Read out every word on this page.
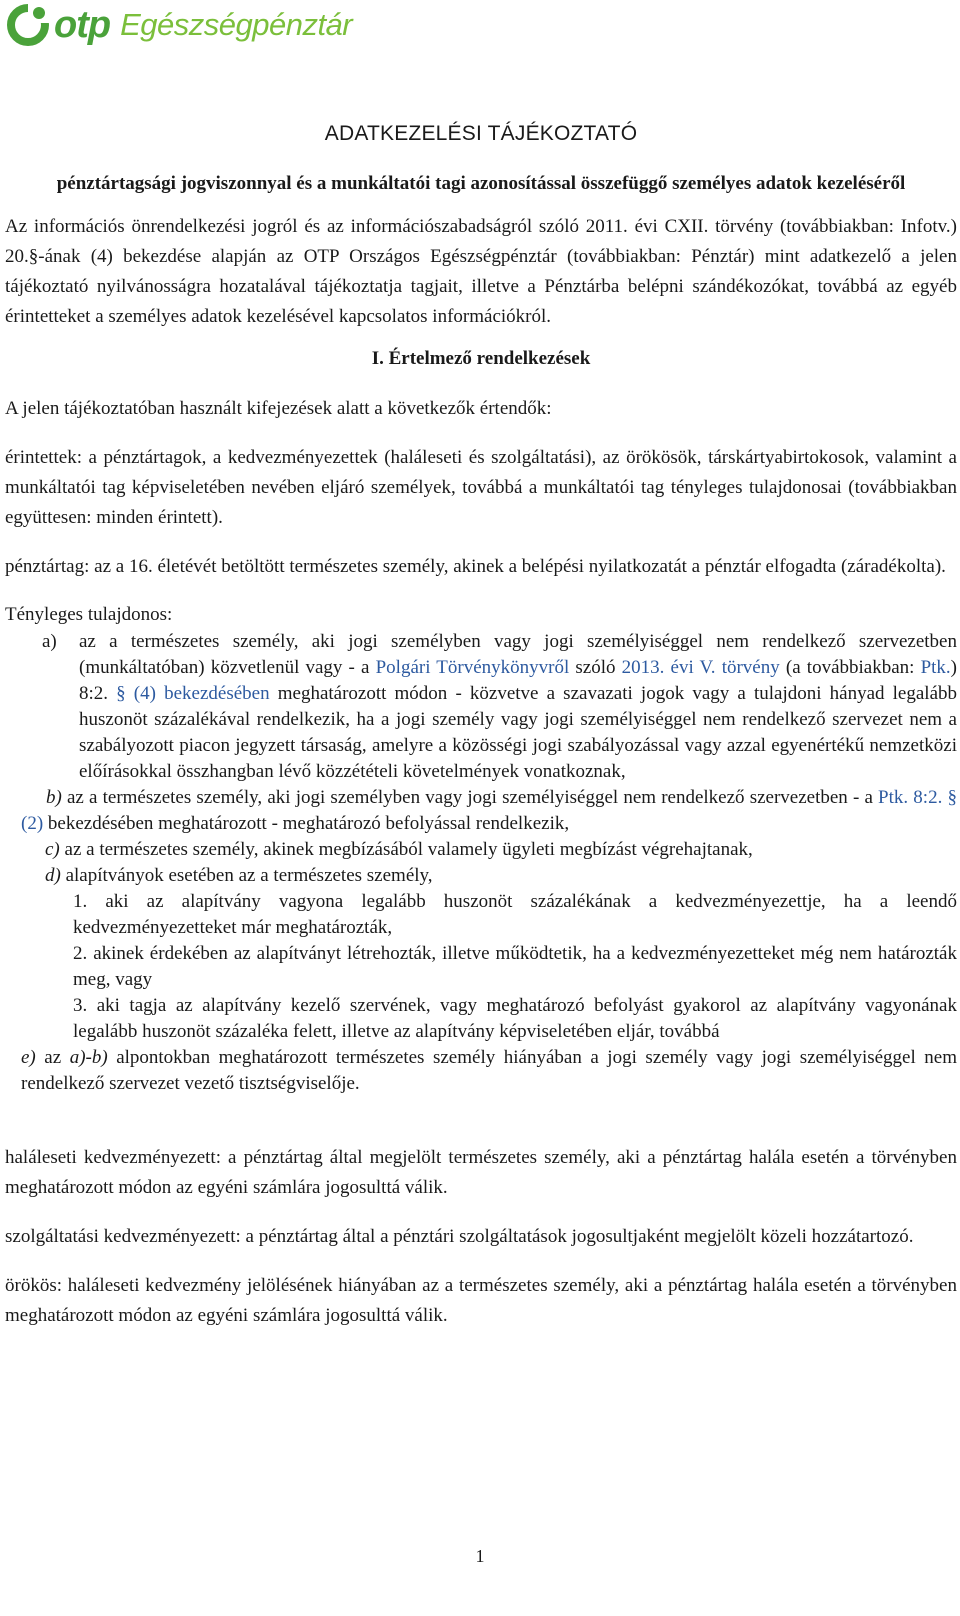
otp Egészségpénztár
ADATKEZELÉSI TÁJÉKOZTATÓ
pénztártagsági jogviszonnyal és a munkáltatói tagi azonosítással összefüggő személyes adatok kezeléséről

Az információs önrendelkezési jogról és az információszabadságról szóló 2011. évi CXII. törvény (továbbiakban: Infotv.) 20.§-ának (4) bekezdése alapján az OTP Országos Egészségpénztár (továbbiakban: Pénztár) mint adatkezelő a jelen tájékoztató nyilvánosságra hozatalával tájékoztatja tagjait, illetve a Pénztárba belépni szándékozókat, továbbá az egyéb érintetteket a személyes adatok kezelésével kapcsolatos információkról.

I. Értelmező rendelkezések

A jelen tájékoztatóban használt kifejezések alatt a következők értendők:

érintettek: a pénztártagok, a kedvezményezettek (haláleseti és szolgáltatási), az örökösök, társkártyabirtokosok, valamint a munkáltatói tag képviseletében nevében eljáró személyek, továbbá a munkáltatói tag tényleges tulajdonosai (továbbiakban együttesen: minden érintett).

pénztártag: az a 16. életévét betöltött természetes személy, akinek a belépési nyilatkozatát a pénztár elfogadta (záradékolta).

Tényleges tulajdonos:

a)	az a természetes személy, aki jogi személyben vagy jogi személyiséggel nem rendelkező szervezetben (munkáltatóban) közvetlenül vagy - a Polgári Törvénykönyvről szóló 2013. évi V. törvény (a továbbiakban: Ptk.) 8:2. § (4) bekezdésében meghatározott módon - közvetve a szavazati jogok vagy a tulajdoni hányad legalább huszonöt százalékával rendelkezik, ha a jogi személy vagy jogi személyiséggel nem rendelkező szervezet nem a szabályozott piacon jegyzett társaság, amelyre a közösségi jogi szabályozással vagy azzal egyenértékű nemzetközi előírásokkal összhangban lévő közzétételi követelmények vonatkoznak,
b) az a természetes személy, aki jogi személyben vagy jogi személyiséggel nem rendelkező szervezetben - a Ptk. 8:2. § (2) bekezdésében meghatározott - meghatározó befolyással rendelkezik,
c) az a természetes személy, akinek megbízásából valamely ügyleti megbízást végrehajtanak,
d) alapítványok esetében az a természetes személy,
1. aki az alapítvány vagyona legalább huszonöt százalékának a kedvezményezettje, ha a leendő kedvezményezetteket már meghatározták,
2. akinek érdekében az alapítványt létrehozták, illetve működtetik, ha a kedvezményezetteket még nem határozták meg, vagy
3. aki tagja az alapítvány kezelő szervének, vagy meghatározó befolyást gyakorol az alapítvány vagyonának legalább huszonöt százaléka felett, illetve az alapítvány képviseletében eljár, továbbá
e) az a)-b) alpontokban meghatározott természetes személy hiányában a jogi személy vagy jogi személyiséggel nem rendelkező szervezet vezető tisztségviselője.

haláleseti kedvezményezett: a pénztártag által megjelölt természetes személy, aki a pénztártag halála esetén a törvényben meghatározott módon az egyéni számlára jogosulttá válik.

szolgáltatási kedvezményezett: a pénztártag által a pénztári szolgáltatások jogosultjaként megjelölt közeli hozzátartozó.

örökös: haláleseti kedvezmény jelölésének hiányában az a természetes személy, aki a pénztártag halála esetén a törvényben meghatározott módon az egyéni számlára jogosulttá válik.

1
